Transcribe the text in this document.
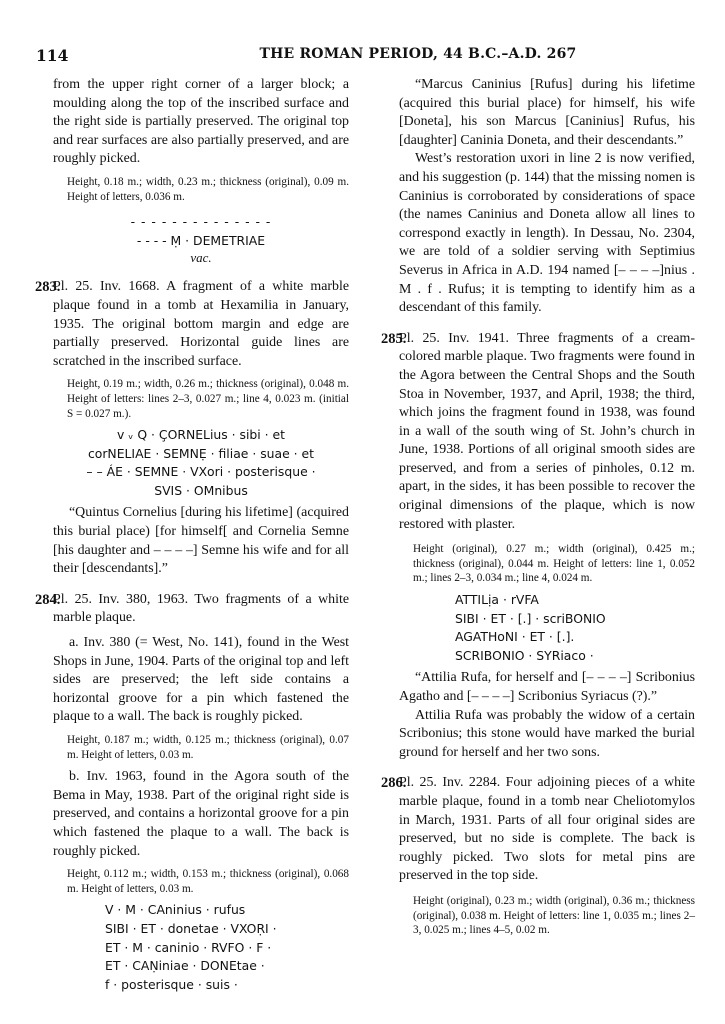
114	THE ROMAN PERIOD, 44 B.C.–A.D. 267

from the upper right corner of a larger block; a moulding along the top of the inscribed surface and the right side is partially preserved. The original top and rear surfaces are also partially preserved, and are roughly picked.

Height, 0.18 m.; width, 0.23 m.; thickness (original), 0.09 m. Height of letters, 0.036 m.

- - - - - - - - - - - - - -
- - - - Ṃ · DEMETRIAE
vac.
283.

Pl. 25. Inv. 1668. A fragment of a white marble plaque found in a tomb at Hexamilia in January, 1935. The original bottom margin and edge are partially preserved. Horizontal guide lines are scratched in the inscribed surface.

Height, 0.19 m.; width, 0.26 m.; thickness (original), 0.048 m. Height of letters: lines 2–3, 0.027 m.; line 4, 0.023 m. (initial S = 0.027 m.).

v ᵥ Q · ÇORNELius · sibi · et
corNELIAE · SEMNẸ · filiae · suae · et
– – ÁE · SEMNE · VXori · posterisque ·
SVIS · OMnibus

“Quintus Cornelius [during his lifetime] (acquired this burial place) [for himself[ and Cornelia Semne [his daughter and – – – –] Semne his wife and for all their [descendants].”

284.

Pl. 25. Inv. 380, 1963. Two fragments of a white marble plaque.

a. Inv. 380 (= West, No. 141), found in the West Shops in June, 1904. Parts of the original top and left sides are preserved; the left side contains a horizontal groove for a pin which fastened the plaque to a wall. The back is roughly picked.

Height, 0.187 m.; width, 0.125 m.; thickness (original), 0.07 m. Height of letters, 0.03 m.

b. Inv. 1963, found in the Agora south of the Bema in May, 1938. Part of the original right side is preserved, and contains a horizontal groove for a pin which fastened the plaque to a wall. The back is roughly picked.

Height, 0.112 m.; width, 0.153 m.; thickness (original), 0.068 m. Height of letters, 0.03 m.

V · M · CAninius · rufus
SIBI · ET · donetae · VXOṚI ·
ET · M · caninio · RVFO · F ·
ET · CAṆiniae · DONEtae ·
f · posterisque · suis ·

“Marcus Caninius [Rufus] during his lifetime (acquired this burial place) for himself, his wife [Doneta], his son Marcus [Caninius] Rufus, his [daughter] Caninia Doneta, and their descendants.”

West’s restoration uxori in line 2 is now verified, and his suggestion (p. 144) that the missing nomen is Caninius is corroborated by considerations of space (the names Caninius and Doneta allow all lines to correspond exactly in length). In Dessau, No. 2304, we are told of a soldier serving with Septimius Severus in Africa in A.D. 194 named [– – – –]nius . M . f . Rufus; it is tempting to identify him as a descendant of this family.

285.

Pl. 25. Inv. 1941. Three fragments of a cream-colored marble plaque. Two fragments were found in the Agora between the Central Shops and the South Stoa in November, 1937, and April, 1938; the third, which joins the fragment found in 1938, was found in a wall of the south wing of St. John’s church in June, 1938. Portions of all original smooth sides are preserved, and from a series of pinholes, 0.12 m. apart, in the sides, it has been possible to recover the original dimensions of the plaque, which is now restored with plaster.

Height (original), 0.27 m.; width (original), 0.425 m.; thickness (original), 0.044 m. Height of letters: line 1, 0.052 m.; lines 2–3, 0.034 m.; line 4, 0.024 m.

ATTILịa · rVFA
SIBI · ET · [.] · scriBONIO
AGATHoNI · ET · [.].
SCRIBONIO · SYRiaco ·

“Attilia Rufa, for herself and [– – – –] Scribonius Agatho and [– – – –] Scribonius Syriacus (?).”

Attilia Rufa was probably the widow of a certain Scribonius; this stone would have marked the burial ground for herself and her two sons.

286.

Pl. 25. Inv. 2284. Four adjoining pieces of a white marble plaque, found in a tomb near Cheliotomylos in March, 1931. Parts of all four original sides are preserved, but no side is complete. The back is roughly picked. Two slots for metal pins are preserved in the top side.

Height (original), 0.23 m.; width (original), 0.36 m.; thickness (original), 0.038 m. Height of letters: line 1, 0.035 m.; lines 2–3, 0.025 m.; lines 4–5, 0.02 m.
